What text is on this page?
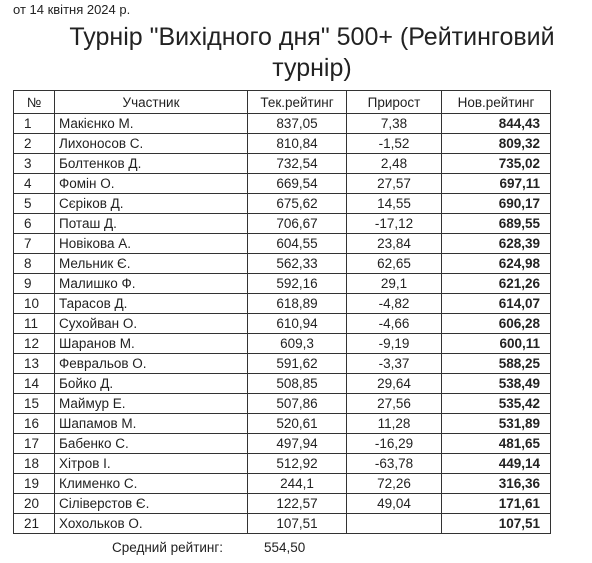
от 14 квітня 2024 р.
Турнір "Вихідного дня" 500+ (Рейтинговий турнір)
№	Участник	Тек.рейтинг	Прирост	Нов.рейтинг
1	Макієнко М.	837,05	7,38	844,43
2	Лихоносов С.	810,84	-1,52	809,32
3	Болтенков Д.	732,54	2,48	735,02
4	Фомін О.	669,54	27,57	697,11
5	Сєріков Д.	675,62	14,55	690,17
6	Поташ Д.	706,67	-17,12	689,55
7	Новікова А.	604,55	23,84	628,39
8	Мельник Є.	562,33	62,65	624,98
9	Малишко Ф.	592,16	29,1	621,26
10	Тарасов Д.	618,89	-4,82	614,07
11	Сухойван О.	610,94	-4,66	606,28
12	Шаранов М.	609,3	-9,19	600,11
13	Февральов О.	591,62	-3,37	588,25
14	Бойко Д.	508,85	29,64	538,49
15	Маймур Е.	507,86	27,56	535,42
16	Шапамов М.	520,61	11,28	531,89
17	Бабенко С.	497,94	-16,29	481,65
18	Хітров І.	512,92	-63,78	449,14
19	Клименко С.	244,1	72,26	316,36
20	Сіліверстов Є.	122,57	49,04	171,61
21	Хохольков О.	107,51		107,51
Средний рейтинг:	554,50
